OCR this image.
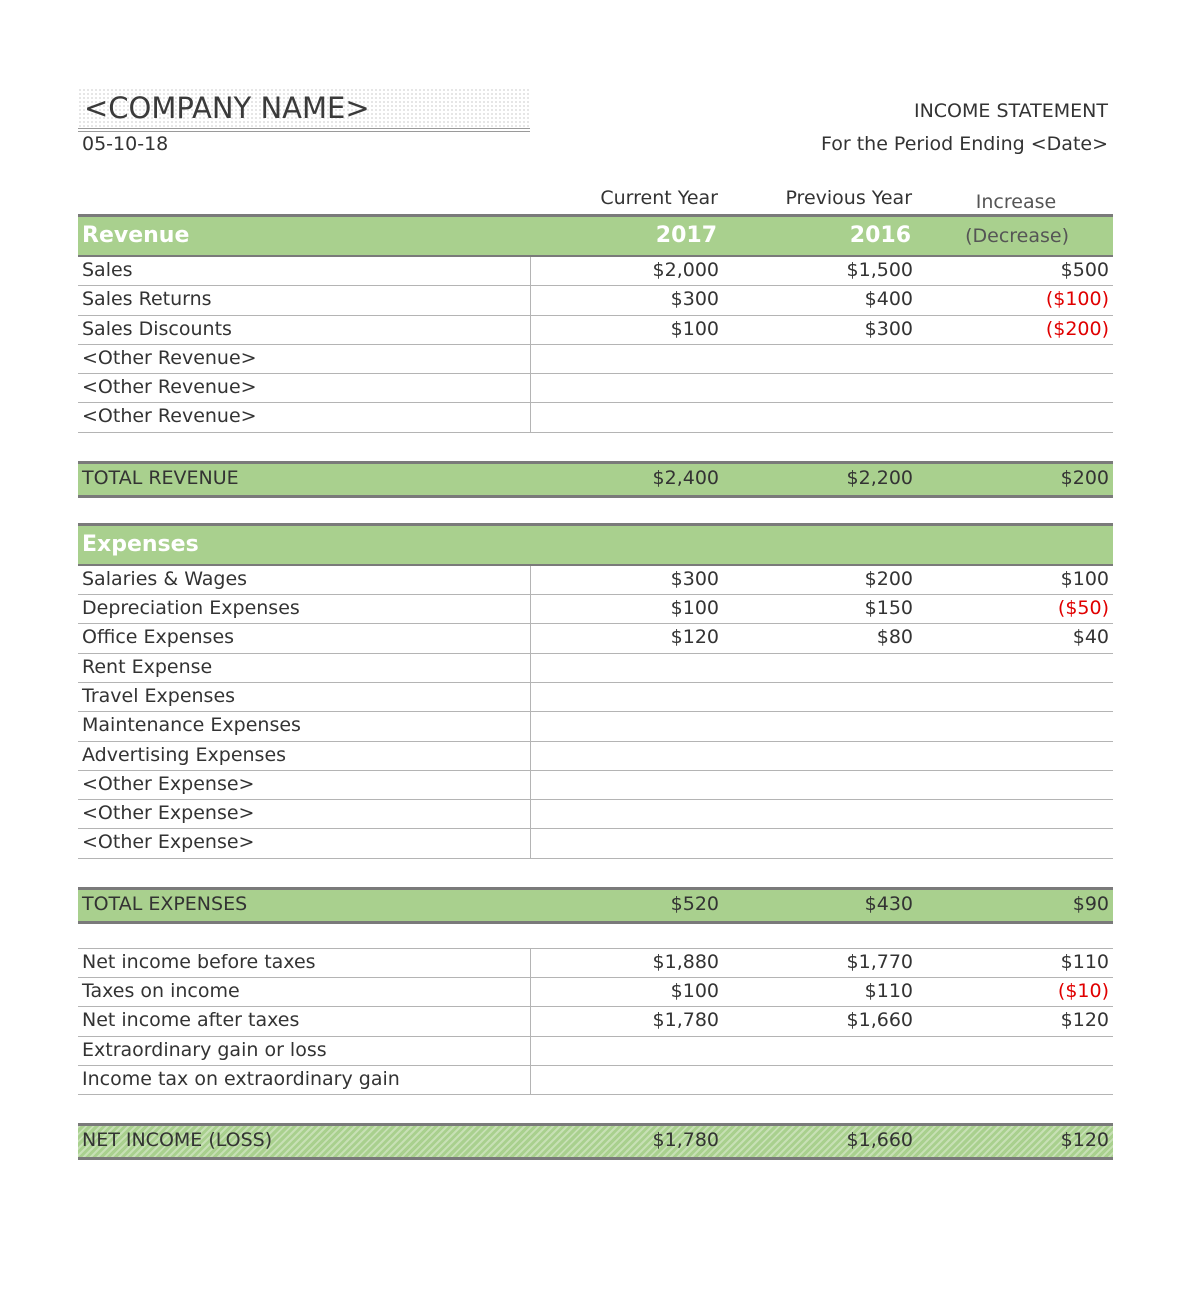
<COMPANY NAME>
05-10-18
INCOME STATEMENT
For the Period Ending <Date>
Current Year	Previous Year	Increase
Revenue	2017	2016	(Decrease)
Sales	$2,000	$1,500	$500
Sales Returns	$300	$400	($100)
Sales Discounts	$100	$300	($200)
<Other Revenue>
<Other Revenue>
<Other Revenue>
TOTAL REVENUE	$2,400	$2,200	$200
Expenses
Salaries & Wages	$300	$200	$100
Depreciation Expenses	$100	$150	($50)
Office Expenses	$120	$80	$40
Rent Expense
Travel Expenses
Maintenance Expenses
Advertising Expenses
<Other Expense>
<Other Expense>
<Other Expense>
TOTAL EXPENSES	$520	$430	$90
Net income before taxes	$1,880	$1,770	$110
Taxes on income	$100	$110	($10)
Net income after taxes	$1,780	$1,660	$120
Extraordinary gain or loss
Income tax on extraordinary gain
NET INCOME (LOSS)	$1,780	$1,660	$120
